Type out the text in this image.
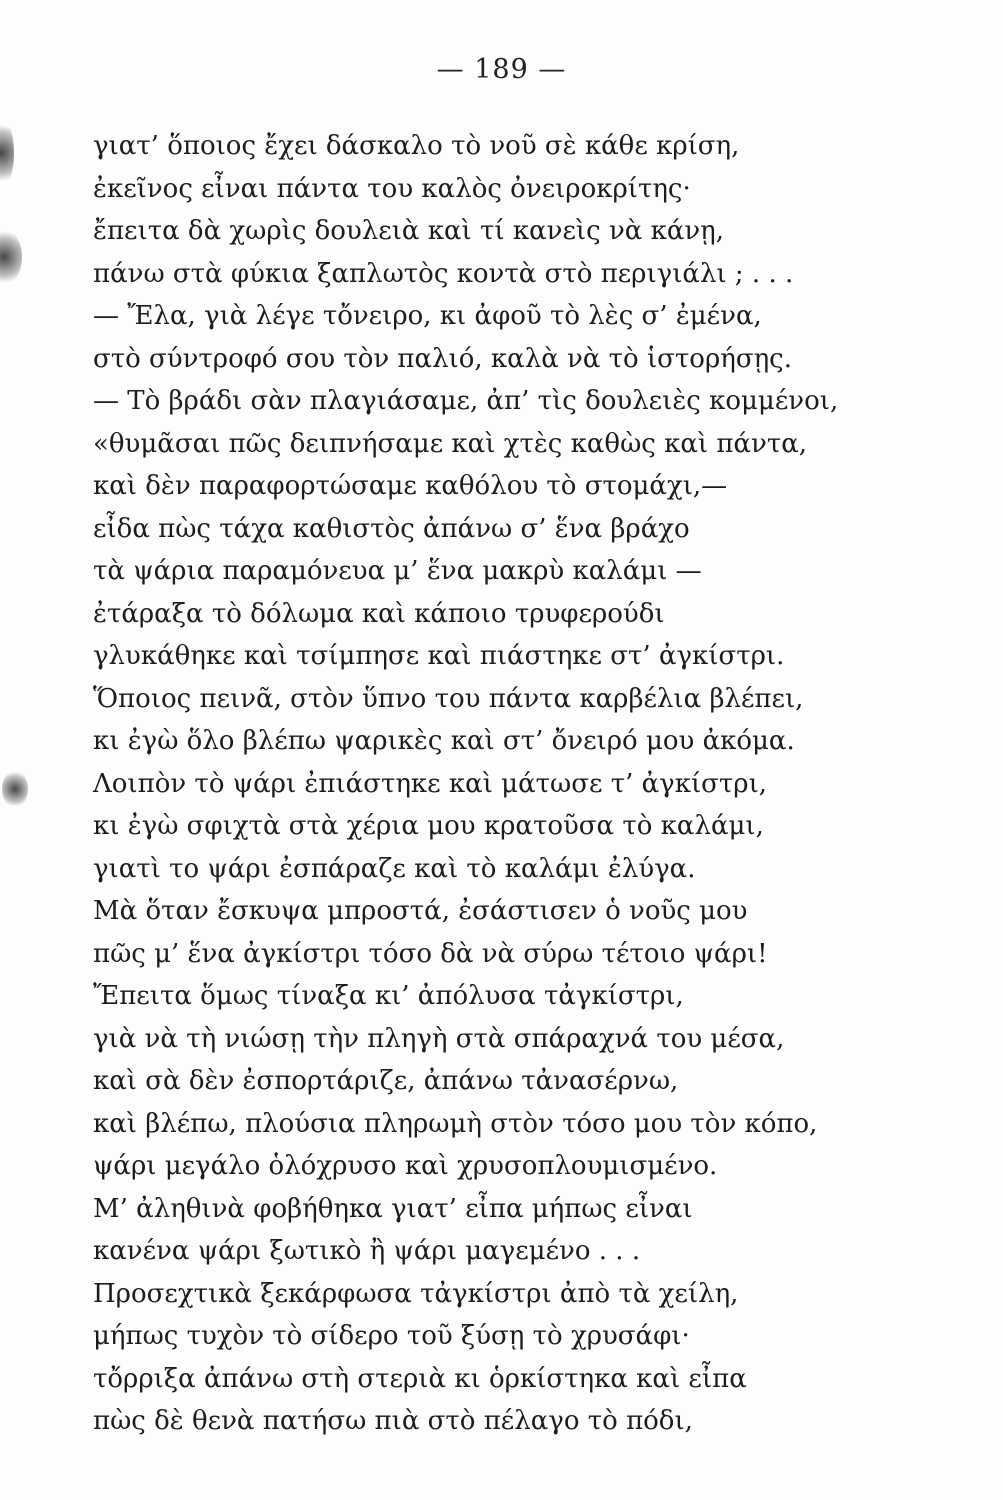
— 189 —
γιατ’ ὅποιος ἔχει δάσκαλο τὸ νοῦ σὲ κάθε κρίση,
ἐκεῖνος εἶναι πάντα του καλὸς ὀνειροκρίτης·
ἔπειτα δὰ χωρὶς δουλειὰ καὶ τί κανεὶς νὰ κάνῃ,
πάνω στὰ φύκια ξαπλωτὸς κοντὰ στὸ περιγιάλι ; . . .
— Ἔλα, γιὰ λέγε τὄνειρο, κι ἀφοῦ τὸ λὲς σ’ ἐμένα,
στὸ σύντροφό σου τὸν παλιό, καλὰ νὰ τὸ ἱστορήσῃς.
— Τὸ βράδι σὰν πλαγιάσαμε, ἀπ’ τὶς δουλειὲς κομμένοι,
«θυμᾶσαι πῶς δειπνήσαμε καὶ χτὲς καθὼς καὶ πάντα,
καὶ δὲν παραφορτώσαμε καθόλου τὸ στομάχι,—
εἶδα πὼς τάχα καθιστὸς ἀπάνω σ’ ἕνα βράχο
τὰ ψάρια παραμόνευα μ’ ἕνα μακρὺ καλάμι —
ἐτάραξα τὸ δόλωμα καὶ κάποιο τρυφερούδι
γλυκάθηκε καὶ τσίμπησε καὶ πιάστηκε στ’ ἀγκίστρι.
Ὅποιος πεινᾶ, στὸν ὕπνο του πάντα καρβέλια βλέπει,
κι ἐγὼ ὅλο βλέπω ψαρικὲς καὶ στ’ ὄνειρό μου ἀκόμα.
Λοιπὸν τὸ ψάρι ἐπιάστηκε καὶ μάτωσε τ’ ἀγκίστρι,
κι ἐγὼ σφιχτὰ στὰ χέρια μου κρατοῦσα τὸ καλάμι,
γιατὶ το ψάρι ἐσπάραζε καὶ τὸ καλάμι ἐλύγα.
Μὰ ὅταν ἔσκυψα μπροστά, ἐσάστισεν ὁ νοῦς μου
πῶς μ’ ἕνα ἀγκίστρι τόσο δὰ νὰ σύρω τέτοιο ψάρι!
Ἔπειτα ὅμως τίναξα κι’ ἀπόλυσα τἀγκίστρι,
γιὰ νὰ τὴ νιώσῃ τὴν πληγὴ στὰ σπάραχνά του μέσα,
καὶ σὰ δὲν ἐσπορτάριζε, ἀπάνω τἀνασέρνω,
καὶ βλέπω, πλούσια πληρωμὴ στὸν τόσο μου τὸν κόπο,
ψάρι μεγάλο ὁλόχρυσο καὶ χρυσοπλουμισμένο.
Μ’ ἀληθινὰ φοβήθηκα γιατ’ εἶπα μήπως εἶναι
κανένα ψάρι ξωτικὸ ἢ ψάρι μαγεμένο . . .
Προσεχτικὰ ξεκάρφωσα τἀγκίστρι ἀπὸ τὰ χείλη,
μήπως τυχὸν τὸ σίδερο τοῦ ξύσῃ τὸ χρυσάφι·
τὄρριξα ἀπάνω στὴ στεριὰ κι ὁρκίστηκα καὶ εἶπα
πὼς δὲ θενὰ πατήσω πιὰ στὸ πέλαγο τὸ πόδι,
